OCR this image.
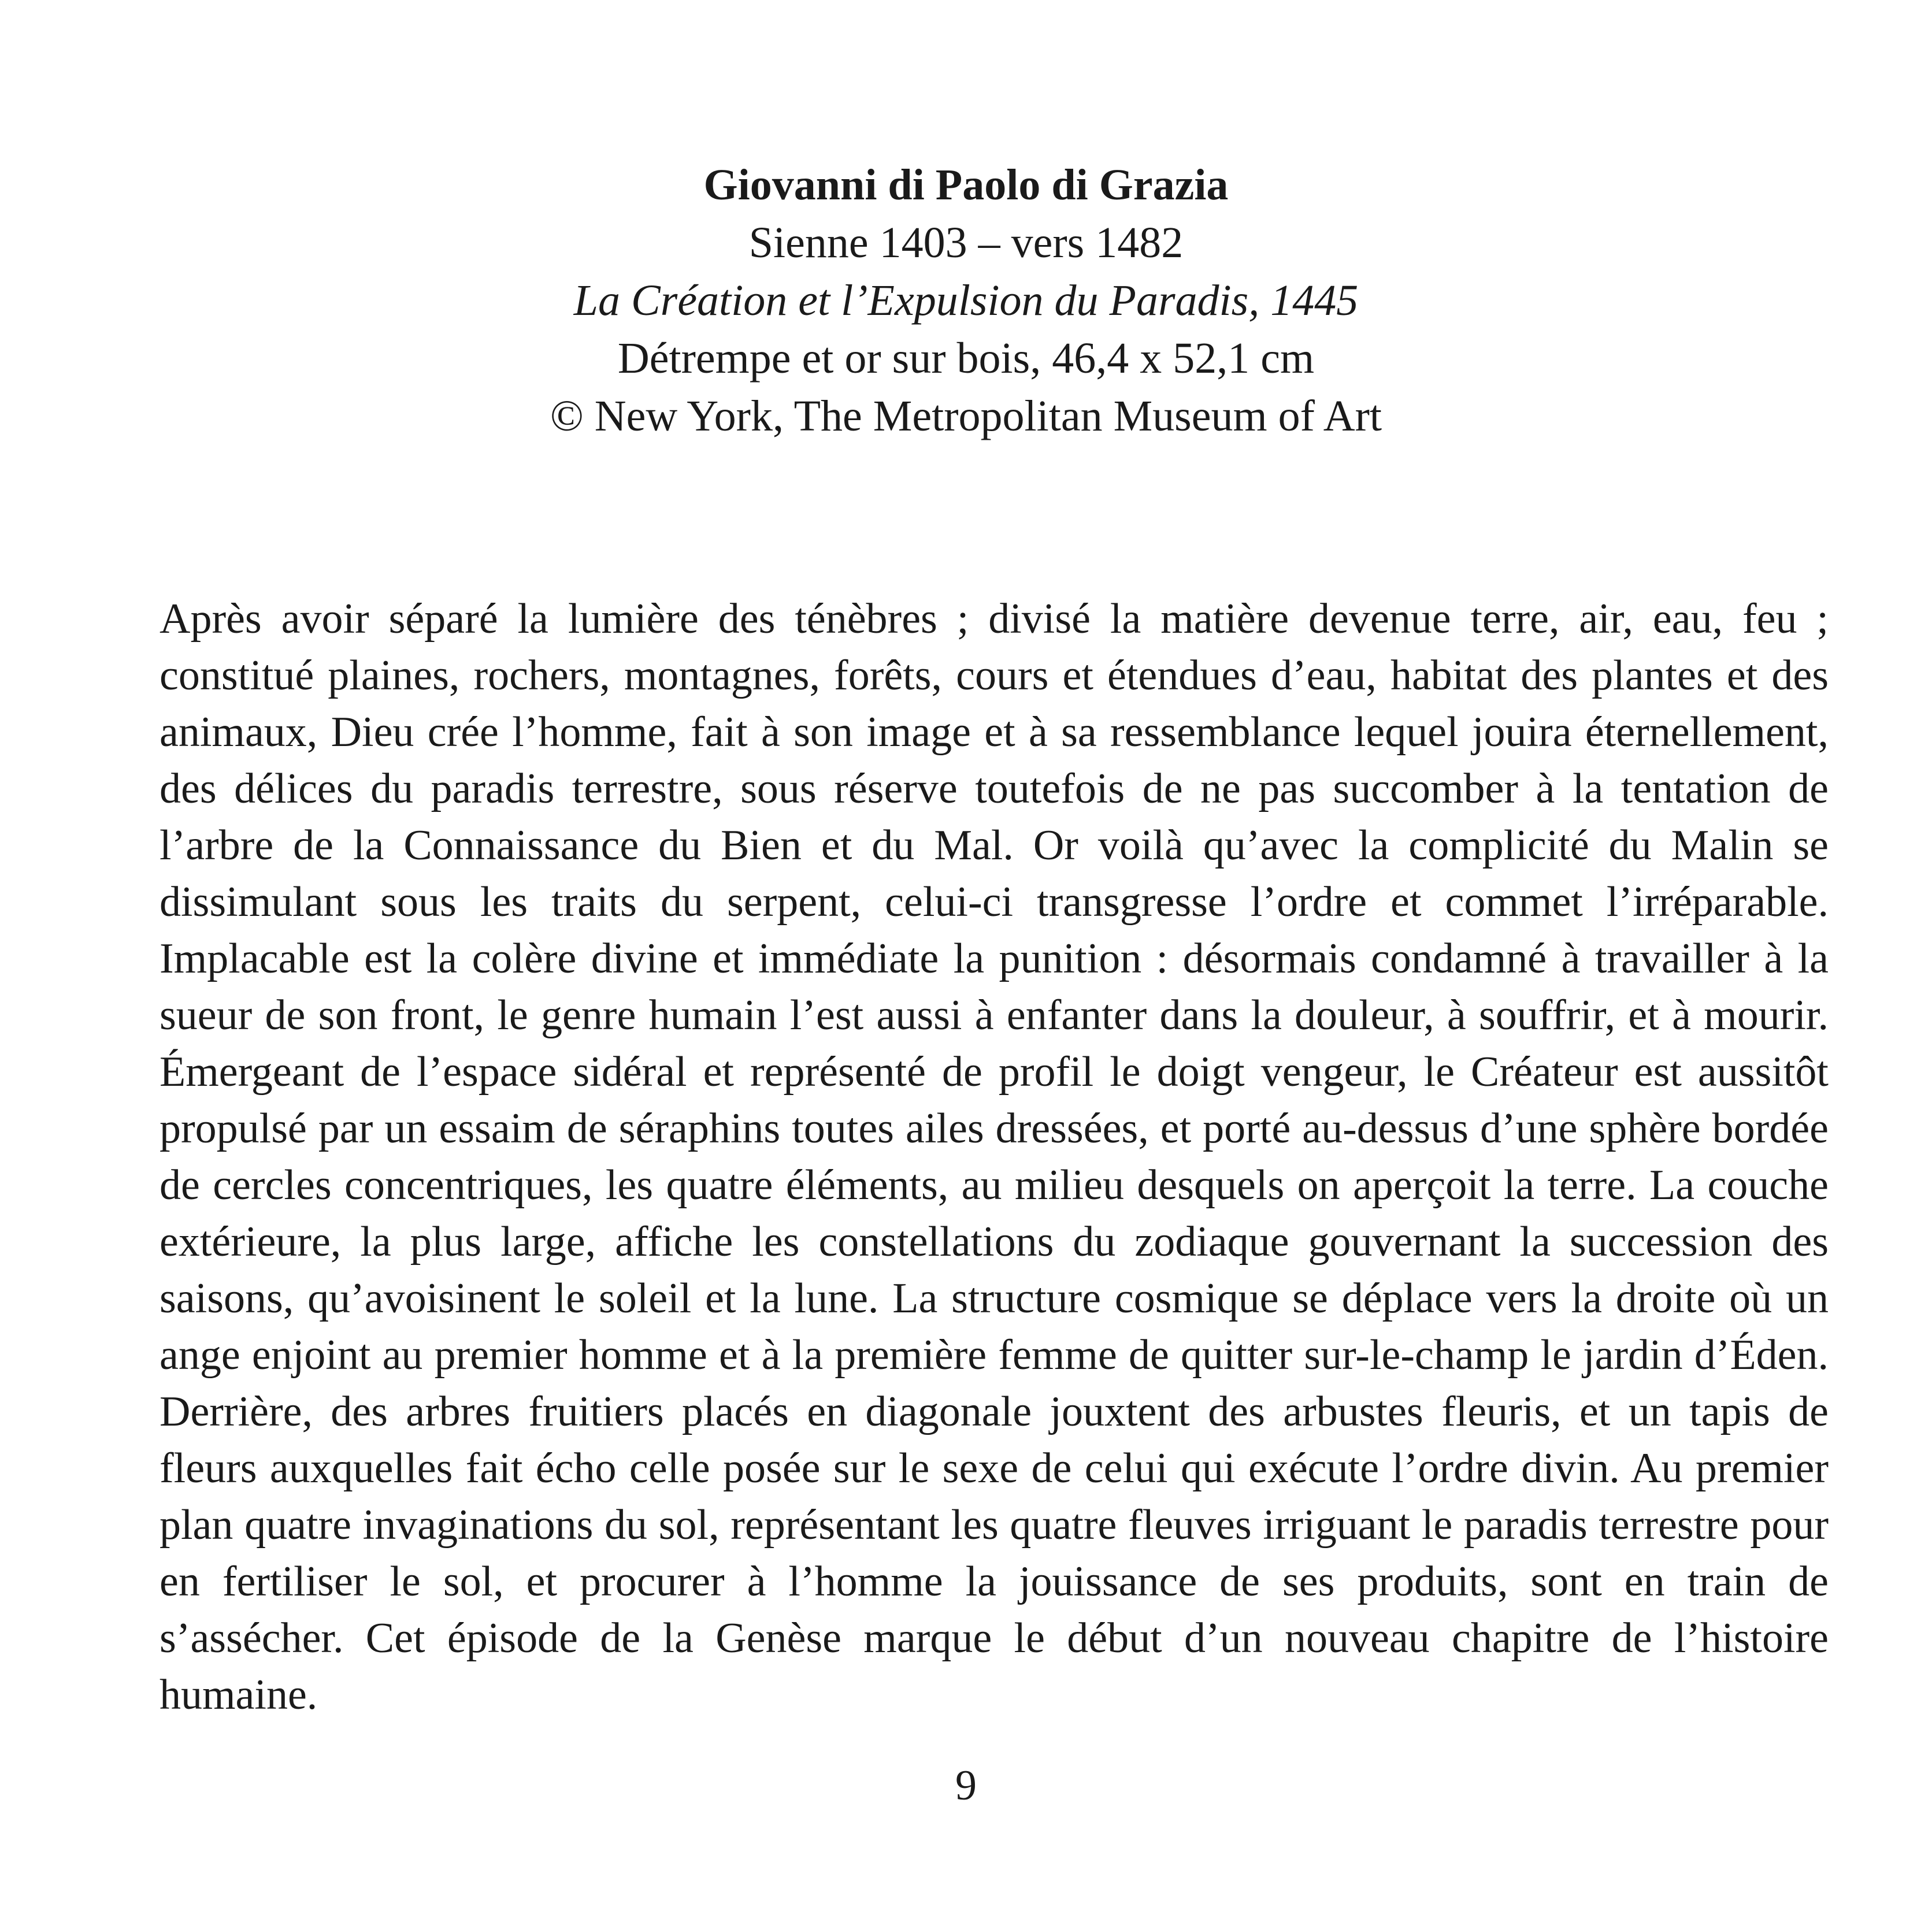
Giovanni di Paolo di Grazia
Sienne 1403 – vers 1482
La Création et l’Expulsion du Paradis, 1445
Détrempe et or sur bois, 46,4 x 52,1 cm
© New York, The Metropolitan Museum of Art

Après avoir séparé la lumière des ténèbres ; divisé la matière devenue terre, air, eau, feu ; constitué plaines, rochers, montagnes, forêts, cours et étendues d’eau, habitat des plantes et des animaux, Dieu crée l’homme, fait à son image et à sa ressemblance lequel jouira éternellement, des délices du paradis terrestre, sous réserve toutefois de ne pas succomber à la tentation de l’arbre de la Connaissance du Bien et du Mal. Or voilà qu’avec la complicité du Malin se dissimulant sous les traits du serpent, celui-ci transgresse l’ordre et commet l’irréparable. Implacable est la colère divine et immédiate la punition : désormais condamné à travailler à la sueur de son front, le genre humain l’est aussi à enfanter dans la douleur, à souffrir, et à mourir. Émergeant de l’espace sidéral et représenté de profil le doigt vengeur, le Créateur est aussitôt propulsé par un essaim de séraphins toutes ailes dressées, et porté au-dessus d’une sphère bordée de cercles concentriques, les quatre éléments, au milieu desquels on aperçoit la terre. La couche extérieure, la plus large, affiche les constellations du zodiaque gouvernant la succession des saisons, qu’avoisinent le soleil et la lune. La structure cosmique se déplace vers la droite où un ange enjoint au premier homme et à la première femme de quitter sur-le-champ le jardin d’Éden. Derrière, des arbres fruitiers placés en diagonale jouxtent des arbustes fleuris, et un tapis de fleurs auxquelles fait écho celle posée sur le sexe de celui qui exécute l’ordre divin. Au premier plan quatre invaginations du sol, représentant les quatre fleuves irriguant le paradis terrestre pour en fertiliser le sol, et procurer à l’homme la jouissance de ses produits, sont en train de s’assécher. Cet épisode de la Genèse marque le début d’un nouveau chapitre de l’histoire humaine.

9
